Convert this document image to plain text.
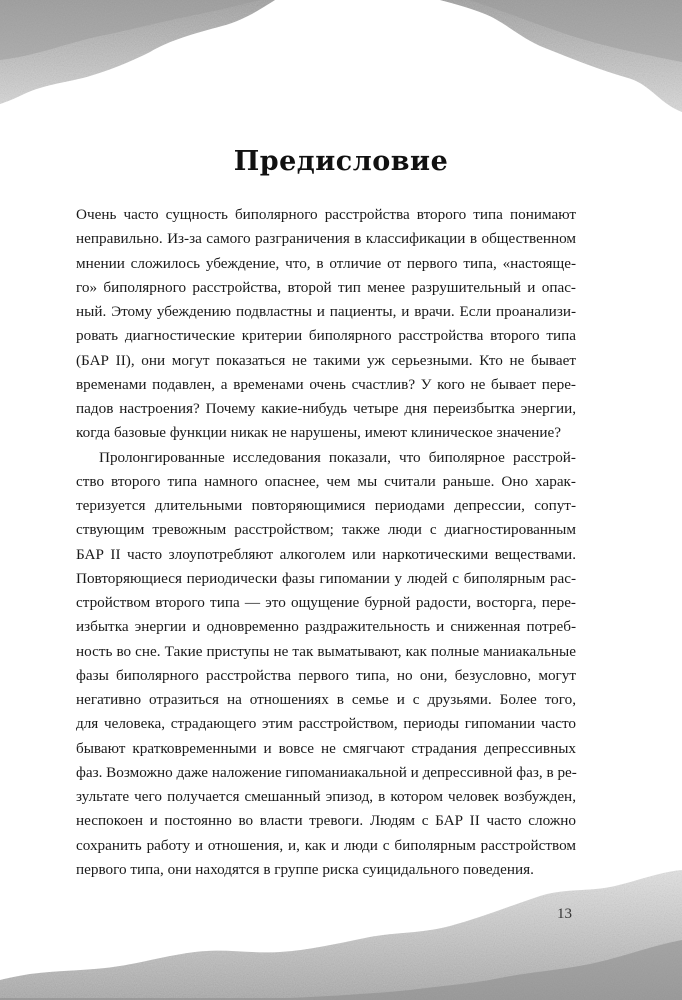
Предисловие
Очень часто сущность биполярного расстройства второго типа понимают
неправильно. Из-за самого разграничения в классификации в общественном
мнении сложилось убеждение, что, в отличие от первого типа, «настояще-
го» биполярного расстройства, второй тип менее разрушительный и опас-
ный. Этому убеждению подвластны и пациенты, и врачи. Если проанализи-
ровать диагностические критерии биполярного расстройства второго типа
(БАР II), они могут показаться не такими уж серьезными. Кто не бывает
временами подавлен, а временами очень счастлив? У кого не бывает пере-
падов настроения? Почему какие-нибудь четыре дня переизбытка энергии,
когда базовые функции никак не нарушены, имеют клиническое значение?
Пролонгированные исследования показали, что биполярное расстрой-
ство второго типа намного опаснее, чем мы считали раньше. Оно харак-
теризуется длительными повторяющимися периодами депрессии, сопут-
ствующим тревожным расстройством; также люди с диагностированным
БАР II часто злоупотребляют алкоголем или наркотическими веществами.
Повторяющиеся периодически фазы гипомании у людей с биполярным рас-
стройством второго типа — это ощущение бурной радости, восторга, пере-
избытка энергии и одновременно раздражительность и сниженная потреб-
ность во сне. Такие приступы не так выматывают, как полные маниакальные
фазы биполярного расстройства первого типа, но они, безусловно, могут
негативно отразиться на отношениях в семье и с друзьями. Более того,
для человека, страдающего этим расстройством, периоды гипомании часто
бывают кратковременными и вовсе не смягчают страдания депрессивных
фаз. Возможно даже наложение гипоманиакальной и депрессивной фаз, в ре-
зультате чего получается смешанный эпизод, в котором человек возбужден,
неспокоен и постоянно во власти тревоги. Людям с БАР II часто сложно
сохранить работу и отношения, и, как и люди с биполярным расстройством
первого типа, они находятся в группе риска суицидального поведения.
13
